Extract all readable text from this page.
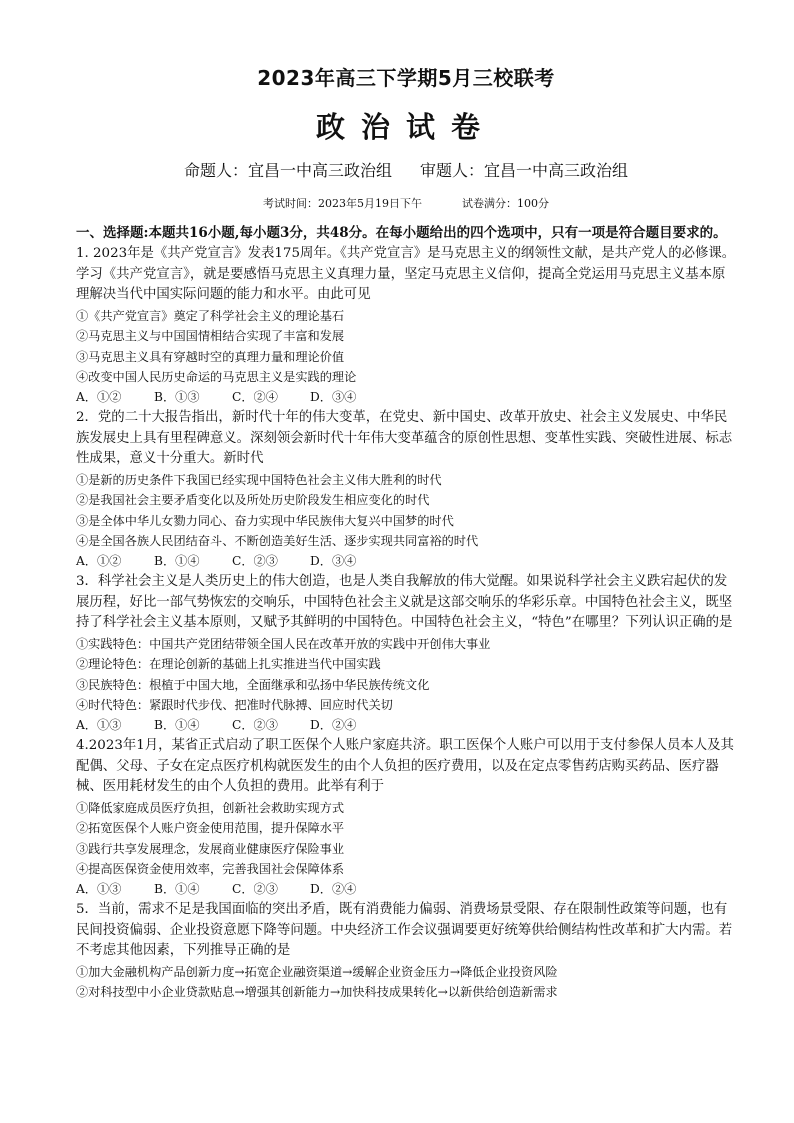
2023年高三下学期5月三校联考
政治试卷
命题人：宜昌一中高三政治组 审题人：宜昌一中高三政治组
考试时间：2023年5月19日下午	试卷满分：100分

一、选择题:本题共16小题,每小题3分，共48分。在每小题给出的四个选项中，只有一项是符合题目要求的。

1. 2023年是《共产党宣言》发表175周年。《共产党宣言》是马克思主义的纲领性文献，是共产党人的必修课。学习《共产党宣言》，就是要感悟马克思主义真理力量，坚定马克思主义信仰，提高全党运用马克思主义基本原理解决当代中国实际问题的能力和水平。由此可见

①《共产党宣言》奠定了科学社会主义的理论基石

②马克思主义与中国国情相结合实现了丰富和发展

③马克思主义具有穿越时空的真理力量和理论价值

④改变中国人民历史命运的马克思主义是实践的理论

A．①②	B．①③	C．②④	D．③④

2．党的二十大报告指出，新时代十年的伟大变革，在党史、新中国史、改革开放史、社会主义发展史、中华民族发展史上具有里程碑意义。深刻领会新时代十年伟大变革蕴含的原创性思想、变革性实践、突破性进展、标志性成果，意义十分重大。新时代

①是新的历史条件下我国已经实现中国特色社会主义伟大胜利的时代

②是我国社会主要矛盾变化以及所处历史阶段发生相应变化的时代

③是全体中华儿女勠力同心、奋力实现中华民族伟大复兴中国梦的时代

④是全国各族人民团结奋斗、不断创造美好生活、逐步实现共同富裕的时代

A．①②	B．①④	C．②③	D．③④

3．科学社会主义是人类历史上的伟大创造，也是人类自我解放的伟大觉醒。如果说科学社会主义跌宕起伏的发展历程，好比一部气势恢宏的交响乐，中国特色社会主义就是这部交响乐的华彩乐章。中国特色社会主义，既坚持了科学社会主义基本原则，又赋予其鲜明的中国特色。中国特色社会主义，“特色”在哪里？下列认识正确的是

①实践特色：中国共产党团结带领全国人民在改革开放的实践中开创伟大事业

②理论特色：在理论创新的基础上扎实推进当代中国实践

③民族特色：根植于中国大地，全面继承和弘扬中华民族传统文化

④时代特色：紧跟时代步伐、把准时代脉搏、回应时代关切

A．①③	B．①④	C．②③	D．②④

4.2023年1月，某省正式启动了职工医保个人账户家庭共济。职工医保个人账户可以用于支付参保人员本人及其配偶、父母、子女在定点医疗机构就医发生的由个人负担的医疗费用，以及在定点零售药店购买药品、医疗器械、医用耗材发生的由个人负担的费用。此举有利于

①降低家庭成员医疗负担，创新社会救助实现方式

②拓宽医保个人账户资金使用范围，提升保障水平

③践行共享发展理念，发展商业健康医疗保险事业

④提高医保资金使用效率，完善我国社会保障体系

A．①③	B．①④	C．②③	D．②④

5．当前，需求不足是我国面临的突出矛盾，既有消费能力偏弱、消费场景受限、存在限制性政策等问题，也有民间投资偏弱、企业投资意愿下降等问题。中央经济工作会议强调要更好统筹供给侧结构性改革和扩大内需。若不考虑其他因素，下列推导正确的是

①加大金融机构产品创新力度→拓宽企业融资渠道→缓解企业资金压力→降低企业投资风险

②对科技型中小企业贷款贴息→增强其创新能力→加快科技成果转化→以新供给创造新需求
